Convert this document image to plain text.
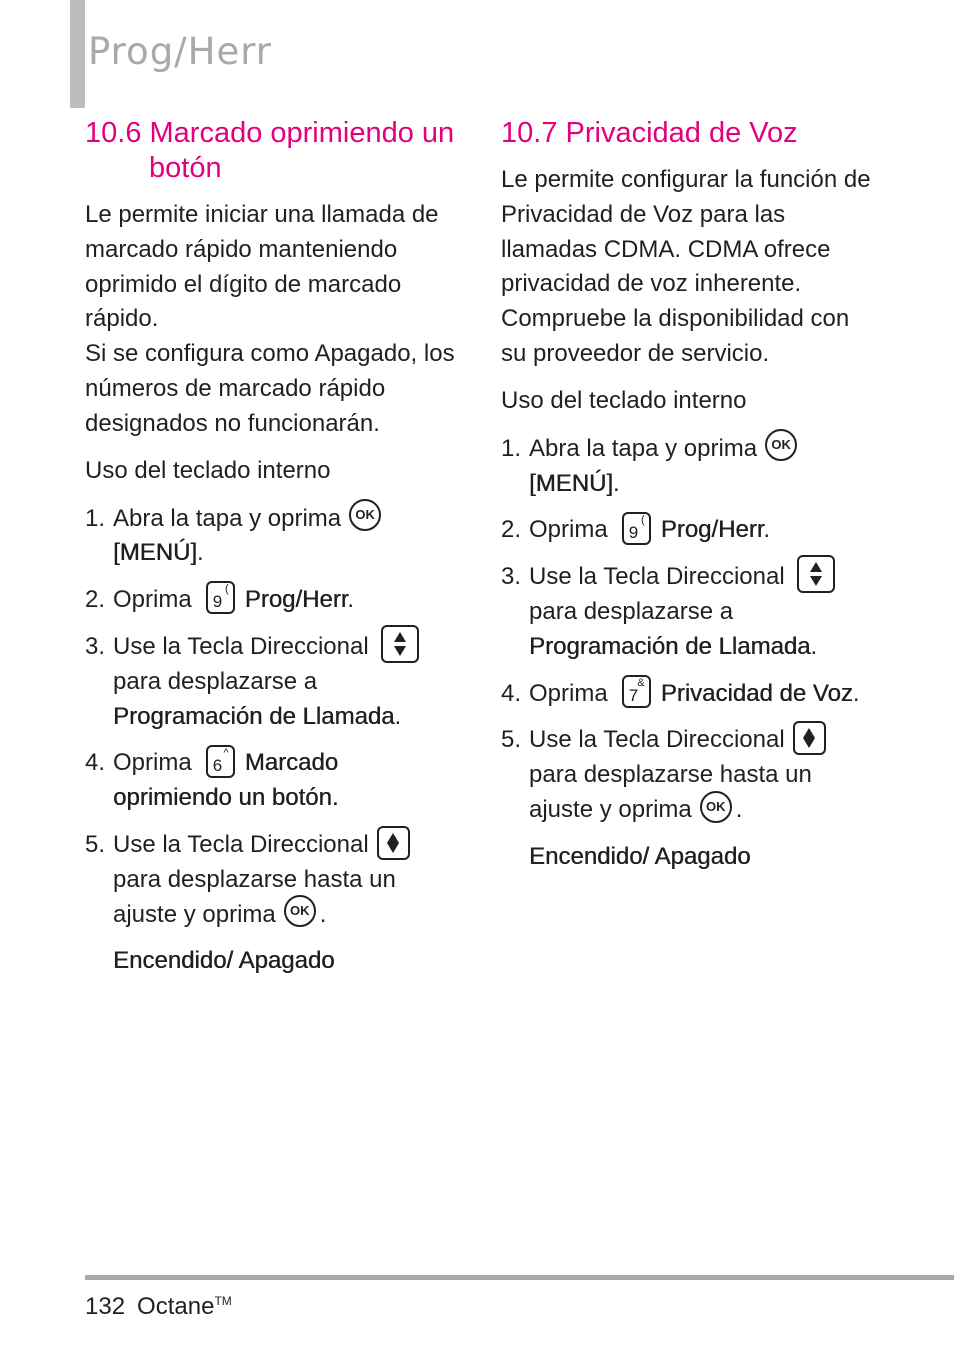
Prog/Herr
10.6 Marcado oprimiendo un botón

Le permite iniciar una llamada de marcado rápido manteniendo oprimido el dígito de marcado rápido.

Si se configura como Apagado, los números de marcado rápido designados no funcionarán.

Uso del teclado interno
1. Abra la tapa y oprima	OK

[MENÚ].
2. Oprima 9
( Prog/Herr.
3. Use la Tecla Direccional

para desplazarse a
Programación de Llamada.
4. Oprima 6
^ Marcado oprimiendo un botón.
5. Use la Tecla Direccional
para desplazarse hasta un ajuste y oprima	OK .
Encendido/ Apagado
10.7 Privacidad de Voz

Le permite configurar la función de Privacidad de Voz para las llamadas CDMA. CDMA ofrece privacidad de voz inherente. Compruebe la disponibilidad con su proveedor de servicio.

Uso del teclado interno
1. Abra la tapa y oprima	OK

[MENÚ].
2. Oprima 9
( Prog/Herr.
3. Use la Tecla Direccional

para desplazarse a
Programación de Llamada.
4. Oprima 7
& Privacidad de Voz.
5. Use la Tecla Direccional
para desplazarse hasta un ajuste y oprima	OK .
Encendido/ Apagado
132 Octane™
